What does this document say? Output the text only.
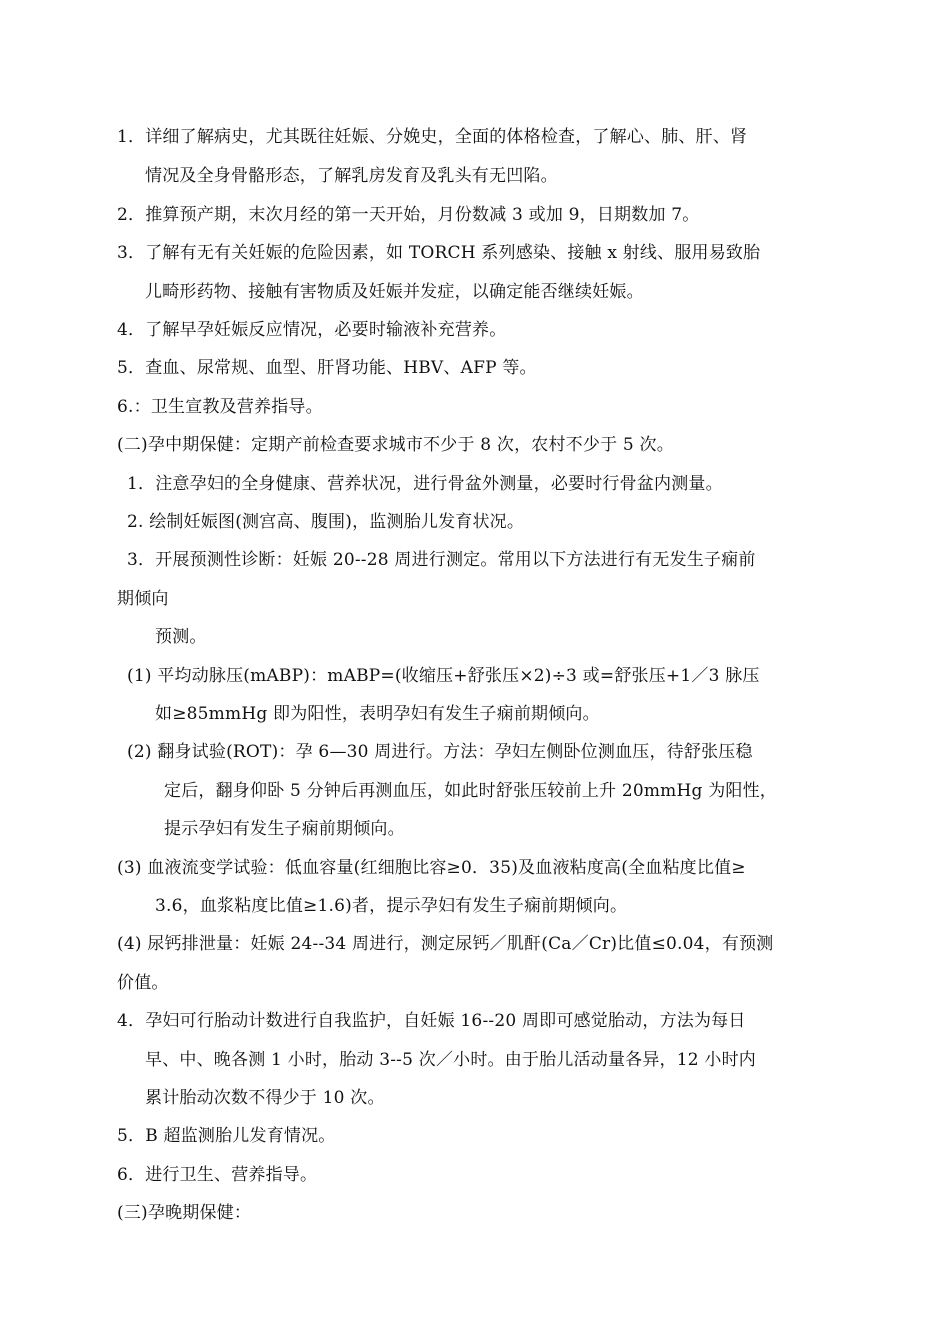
1．详细了解病史，尤其既往妊娠、分娩史，全面的体格检查，了解心、肺、肝、肾
情况及全身骨骼形态，了解乳房发育及乳头有无凹陷。
2．推算预产期，末次月经的第一天开始，月份数减 3 或加 9，日期数加 7。
3．了解有无有关妊娠的危险因素，如 TORCH 系列感染、接触 x 射线、服用易致胎
儿畸形药物、接触有害物质及妊娠并发症，以确定能否继续妊娠。
4．了解早孕妊娠反应情况，必要时输液补充营养。
5．查血、尿常规、血型、肝肾功能、HBV、AFP 等。
6.：卫生宣教及营养指导。
(二)孕中期保健：定期产前检查要求城市不少于 8 次，农村不少于 5 次。
1．注意孕妇的全身健康、营养状况，进行骨盆外测量，必要时行骨盆内测量。
2. 绘制妊娠图(测宫高、腹围)，监测胎儿发育状况。
3．开展预测性诊断：妊娠 20--28 周进行测定。常用以下方法进行有无发生子痫前
期倾向
预测。
(1) 平均动脉压(mABP)：mABP=(收缩压+舒张压×2)÷3 或=舒张压+1／3 脉压
如≥85mmHg 即为阳性，表明孕妇有发生子痫前期倾向。
(2) 翻身试验(ROT)：孕 6—30 周进行。方法：孕妇左侧卧位测血压，待舒张压稳
定后，翻身仰卧 5 分钟后再测血压，如此时舒张压较前上升 20mmHg 为阳性，
提示孕妇有发生子痫前期倾向。
(3) 血液流变学试验：低血容量(红细胞比容≥0．35)及血液粘度高(全血粘度比值≥
3.6，血浆粘度比值≥1.6)者，提示孕妇有发生子痫前期倾向。
(4) 尿钙排泄量：妊娠 24--34 周进行，测定尿钙／肌酐(Ca／Cr)比值≤0.04，有预测
价值。
4．孕妇可行胎动计数进行自我监护，自妊娠 16--20 周即可感觉胎动，方法为每日
早、中、晚各测 1 小时，胎动 3--5 次／小时。由于胎儿活动量各异，12 小时内
累计胎动次数不得少于 10 次。
5．B 超监测胎儿发育情况。
6．进行卫生、营养指导。
(三)孕晚期保健：
